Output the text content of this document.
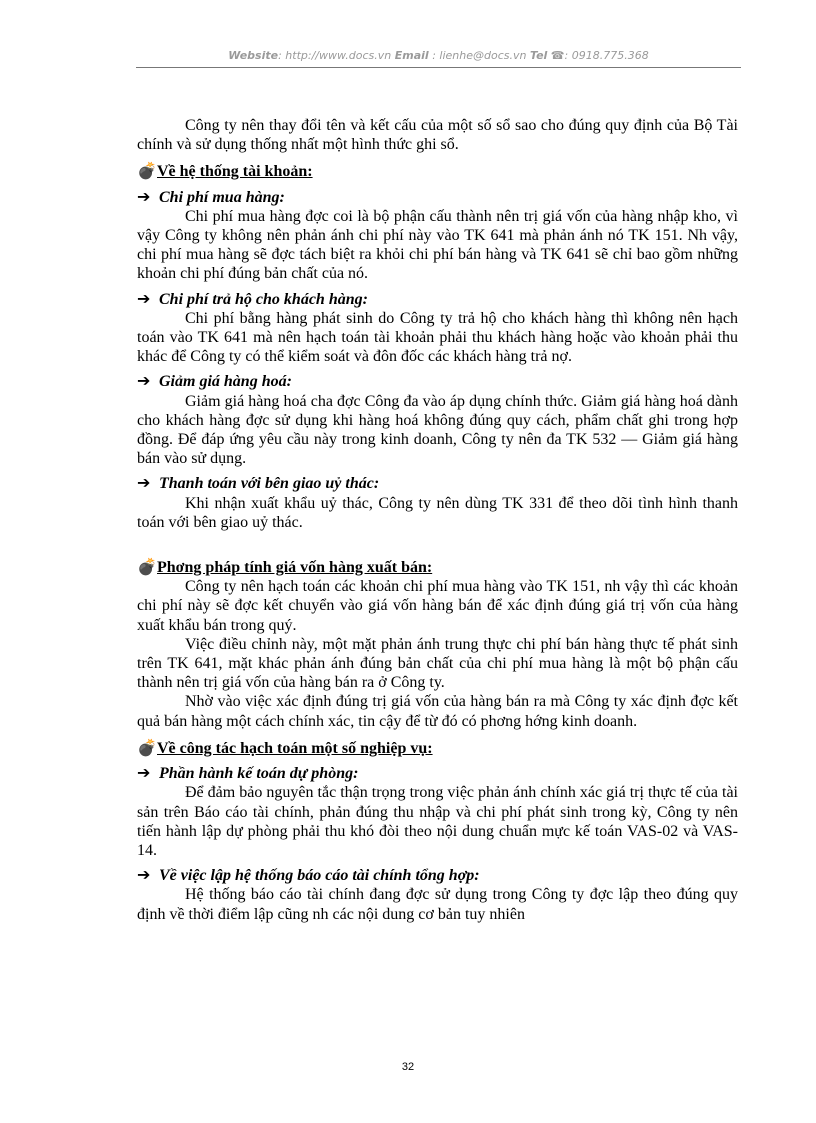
Website: http://www.docs.vn Email : lienhe@docs.vn Tel ☎: 0918.775.368

Công ty nên thay đổi tên và kết cấu của một số sổ sao cho đúng quy định của Bộ Tài chính và sử dụng thống nhất một hình thức ghi sổ.

💣Về hệ thống tài khoản:

➔ Chi phí mua hàng:

Chi phí mua hàng đợc coi là bộ phận cấu thành nên trị giá vốn của hàng nhập kho, vì vậy Công ty không nên phản ánh chi phí này vào TK 641 mà phản ánh nó TK 151. Nh vậy, chi phí mua hàng sẽ đợc tách biệt ra khỏi chi phí bán hàng và TK 641 sẽ chỉ bao gồm những khoản chi phí đúng bản chất của nó.

➔ Chi phí trả hộ cho khách hàng:

Chi phí bằng hàng phát sinh do Công ty trả hộ cho khách hàng thì không nên hạch toán vào TK 641 mà nên hạch toán tài khoản phải thu khách hàng hoặc vào khoản phải thu khác để Công ty có thể kiểm soát và đôn đốc các khách hàng trả nợ.

➔ Giảm giá hàng hoá:

Giảm giá hàng hoá cha đợc Công đa vào áp dụng chính thức. Giảm giá hàng hoá dành cho khách hàng đợc sử dụng khi hàng hoá không đúng quy cách, phẩm chất ghi trong hợp đồng. Để đáp ứng yêu cầu này trong kinh doanh, Công ty nên đa TK 532 — Giảm giá hàng bán vào sử dụng.

➔ Thanh toán với bên giao uỷ thác:

Khi nhận xuất khẩu uỷ thác, Công ty nên dùng TK 331 để theo dõi tình hình thanh toán với bên giao uỷ thác.

💣Phơng pháp tính giá vốn hàng xuất bán:

Công ty nên hạch toán các khoản chi phí mua hàng vào TK 151, nh vậy thì các khoản chi phí này sẽ đợc kết chuyển vào giá vốn hàng bán để xác định đúng giá trị vốn của hàng xuất khẩu bán trong quý.

Việc điều chỉnh này, một mặt phản ánh trung thực chi phí bán hàng thực tế phát sinh trên TK 641, mặt khác phản ánh đúng bản chất của chi phí mua hàng là một bộ phận cấu thành nên trị giá vốn của hàng bán ra ở Công ty.

Nhờ vào việc xác định đúng trị giá vốn của hàng bán ra mà Công ty xác định đợc kết quả bán hàng một cách chính xác, tin cậy để từ đó có phơng hớng kinh doanh.

💣Về công tác hạch toán một số nghiệp vụ:

➔ Phần hành kế toán dự phòng:

Để đảm bảo nguyên tắc thận trọng trong việc phản ánh chính xác giá trị thực tế của tài sản trên Báo cáo tài chính, phản đúng thu nhập và chi phí phát sinh trong kỳ, Công ty nên tiến hành lập dự phòng phải thu khó đòi theo nội dung chuẩn mực kế toán VAS-02 và VAS-14.

➔ Về việc lập hệ thống báo cáo tài chính tổng hợp:

Hệ thống báo cáo tài chính đang đợc sử dụng trong Công ty đợc lập theo đúng quy định về thời điểm lập cũng nh các nội dung cơ bản tuy nhiên

32
